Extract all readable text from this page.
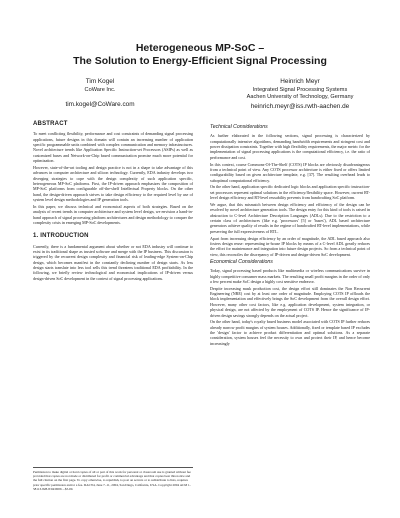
Heterogeneous MP-SoC –
The Solution to Energy-Efficient Signal Processing
Tim Kogel
CoWare Inc.
tim.kogel@CoWare.com
Heinrich Meyr
Integrated Signal Processing Systems
Aachen University of Technology, Germany
heinrich.meyr@iss.rwth-aachen.de
ABSTRACT

To meet conflicting flexibility, performance and cost constraints of demanding signal processing applications, future designs in this domain will contain an increasing number of application specific programmable units combined with complex communication and memory infrastructures. Novel architecture trends like Application Specific Instruction-set Processors (ASIPs) as well as customized buses and Network-on-Chip based communication promise much more potential for optimization.

However, state-of-the-art tooling and design practice is not in a shape to take advantage of this advances in computer architecture and silicon technology. Currently, EDA industry develops two diverging strategies to cope with the design complexity of such application specific, heterogeneous MP-SoC platforms. First, the IP-driven approach emphasizes the composition of MP-SoC platforms from configurable off-the-shelf Intellectual Property blocks. On the other hand, the design-driven approach strives to take design efficiency to the required level by use of system level design methodologies and IP generation tools.

In this paper, we discuss technical and economical aspects of both strategies. Based on the analysis of recent trends in computer architecture and system level design, we envision a hand-in-hand approach of signal processing platform architectures and design methodology to conquer the complexity crisis in emerging MP-SoC developments.

1. INTRODUCTION

Currently, there is a fundamental argument about whether or not EDA industry will continue to exist in its traditional shape as trusted software and merge with the IP business. This discussion is triggered by the recurrent design complexity and financial risk of leading-edge System-on-Chip design, which becomes manifest in the constantly declining number of design starts. As less design starts translate into less tool sells this trend threatens traditional EDA profitability. In the following, we briefly review technological and economical implications of IP-driven versus design-driven SoC development in the context of signal processing applications.

Permission to make digital or hard copies of all or part of this work for personal or classroom use is granted without fee provided that copies are not made or distributed for profit or commercial advantage and that copies bear this notice and the full citation on the first page. To copy otherwise, to republish, to post on servers or to redistribute to lists, requires prior specific permission and/or a fee. DAC'04, June 7–11, 2004, San Diego, California, USA. Copyright 2004 ACM 1-58113-828-8/04/0006 ...$5.00.
Technical Considerations

As further elaborated in the following sections, signal processing is characterized by computationally intensive algorithms, demanding bandwidth requirements and stringent cost and power dissipation constraints. Together with high flexibility requirements, the major metric for the implementation of signal processing applications is the computational efficiency, i.e. the ratio of performance and cost.

In this context, coarse Commons-Of-The-Shelf (COTS) IP blocks are obviously disadvantageous from a technical point of view. Any COTS processor architecture is either fixed or offers limited configurability based on given architecture template, e.g. [37]. The resulting overhead leads to suboptimal computational efficiency.

On the other hand, application specific dedicated logic blocks and application specific instruction-set processors represent optimal solutions in the efficiency/flexibility space. However, current RT-level design efficiency and RT-level reusability prevents from handcrafting SoC platform.

We argue, that this mismatch between design efficiency and efficiency of the design can be resolved by novel architecture generation tools. The design entry for this kind of tools is raised in abstraction to C-level Architecture Description Languages (ADLs). Due to the restriction to a certain class of architectures (like e.g. 'processors' [5] or 'buses'), ADL based architecture generators achieve quality of results in the regime of handcrafted RT-level implementations, while preserving the full expressiveness of RTL.

Apart from increasing design efficiency by an order of magnitude, the ADL based approach also fosters design reuse: representing in-house IP blocks by means of a C-level ADL greatly reduces the effort for maintenance and integration into future design projects. So from a technical point of view, this reconciles the discrepancy of IP-driven and design-driven SoC development.

Economical Considerations

Today, signal processing based products like multimedia or wireless communications survive in highly competitive consumer mass markets. The resulting small profit margins in the order of only a few percent make SoC design a highly cost sensitive endeavor.

Despite increasing mask production cost, the design effort still dominates the Non Recurrent Engineering (NRE) cost by at least one order of magnitude. Employing COTS IP offloads the block implementation and effectively brings the SoC development from the overall design effort. However, many other cost factors, like e.g. application development, system integration, or physical design, are not affected by the employment of COTS IP. Hence the significance of IP-driven design savings strongly depends on the actual project.

On the other hand, today's royalty based business model associated with COTS IP further reduces already narrow profit margins of system houses. Additionally, fixed or template based IP excludes the 'design' factor to achieve product differentiation and optimal solutions. As a separate consideration, system houses feel the necessity to own and protect their IP, and hence become increasingly
